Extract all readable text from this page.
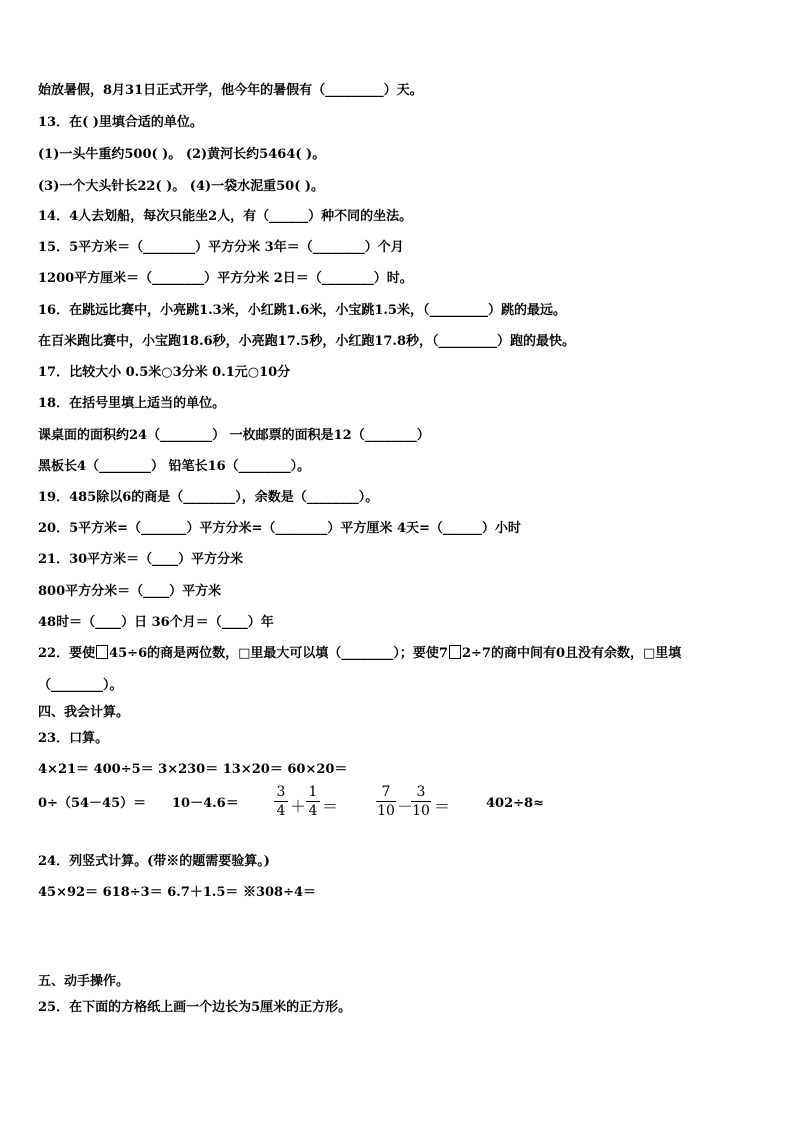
始放暑假，8月31日正式开学，他今年的暑假有（_________）天。
13．在( )里填合适的单位。
(1)一头牛重约500( )。 (2)黄河长约5464( )。
(3)一个大头针长22( )。 (4)一袋水泥重50( )。
14．4人去划船，每次只能坐2人，有（______）种不同的坐法。
15．5平方米＝（________）平方分米 3年＝（________）个月
1200平方厘米＝（________）平方分米 2日＝（________）时。
16．在跳远比赛中，小亮跳1.3米，小红跳1.6米，小宝跳1.5米，（_________）跳的最远。
在百米跑比赛中，小宝跑18.6秒，小亮跑17.5秒，小红跑17.8秒，（_________）跑的最快。
17．比较大小 0.5米○3分米 0.1元○10分
18．在括号里填上适当的单位。
课桌面的面积约24（________） 一枚邮票的面积是12（________）
黑板长4（________） 铅笔长16（________）。
19．485除以6的商是（________），余数是（________）。
20．5平方米=（_______）平方分米=（________）平方厘米 4天=（______）小时
21．30平方米＝（____）平方分米
800平方分米＝（____）平方米
48时＝（____）日 36个月＝（____）年
22．要使 45÷6的商是两位数，□里最大可以填（________）；要使7 2÷7的商中间有0且没有余数，□里填
（________）。
四、我会计算。
23．口算。
4×21＝ 400÷5＝ 3×230＝ 13×20＝ 60×20＝
0÷（54－45）＝ 10－4.6＝
3
4 ＋
1
4 ＝
7
10 －
3
10 ＝	402÷8≈
24．列竖式计算。(带※的题需要验算。)
45×92＝ 618÷3＝ 6.7＋1.5＝ ※308÷4＝
五、动手操作。
25．在下面的方格纸上画一个边长为5厘米的正方形。
